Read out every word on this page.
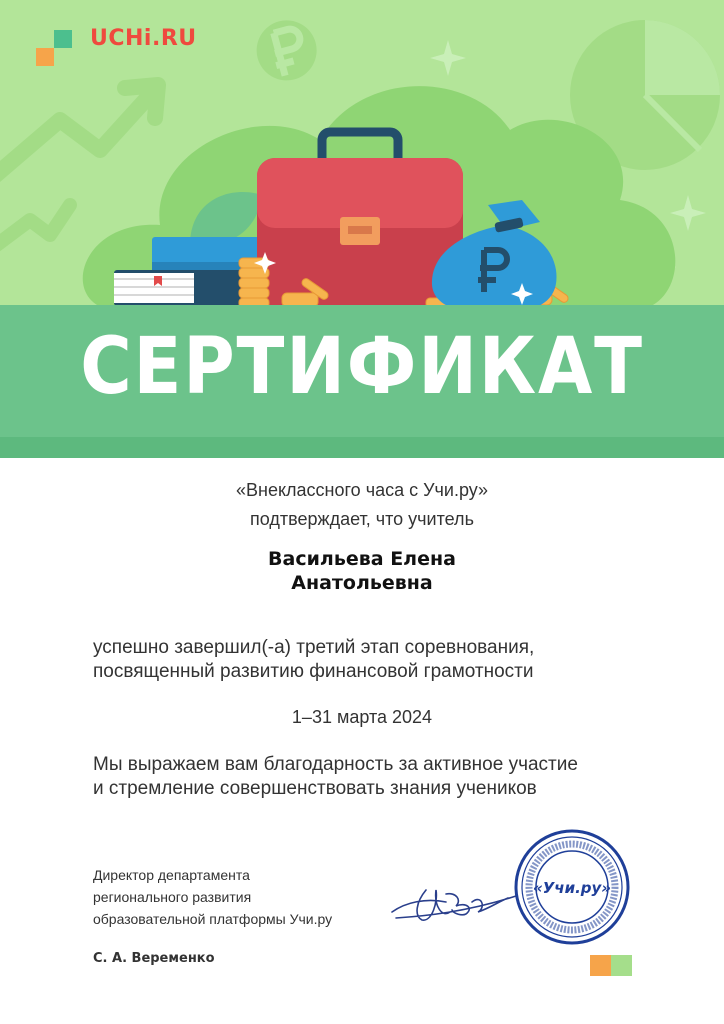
СЕРТИФИКАТ
UCHi.RU
«Внеклассного часа с Учи.ру»
подтверждает, что учитель
Васильева Елена
Анатольевна
успешно завершил(-а) третий этап соревнования,
посвященный развитию финансовой грамотности
1–31 марта 2024
Мы выражаем вам благодарность за активное участие
и стремление совершенствовать знания учеников
Директор департамента
регионального развития
образовательной платформы Учи.ру
С. А. Веременко
«Учи.ру»
